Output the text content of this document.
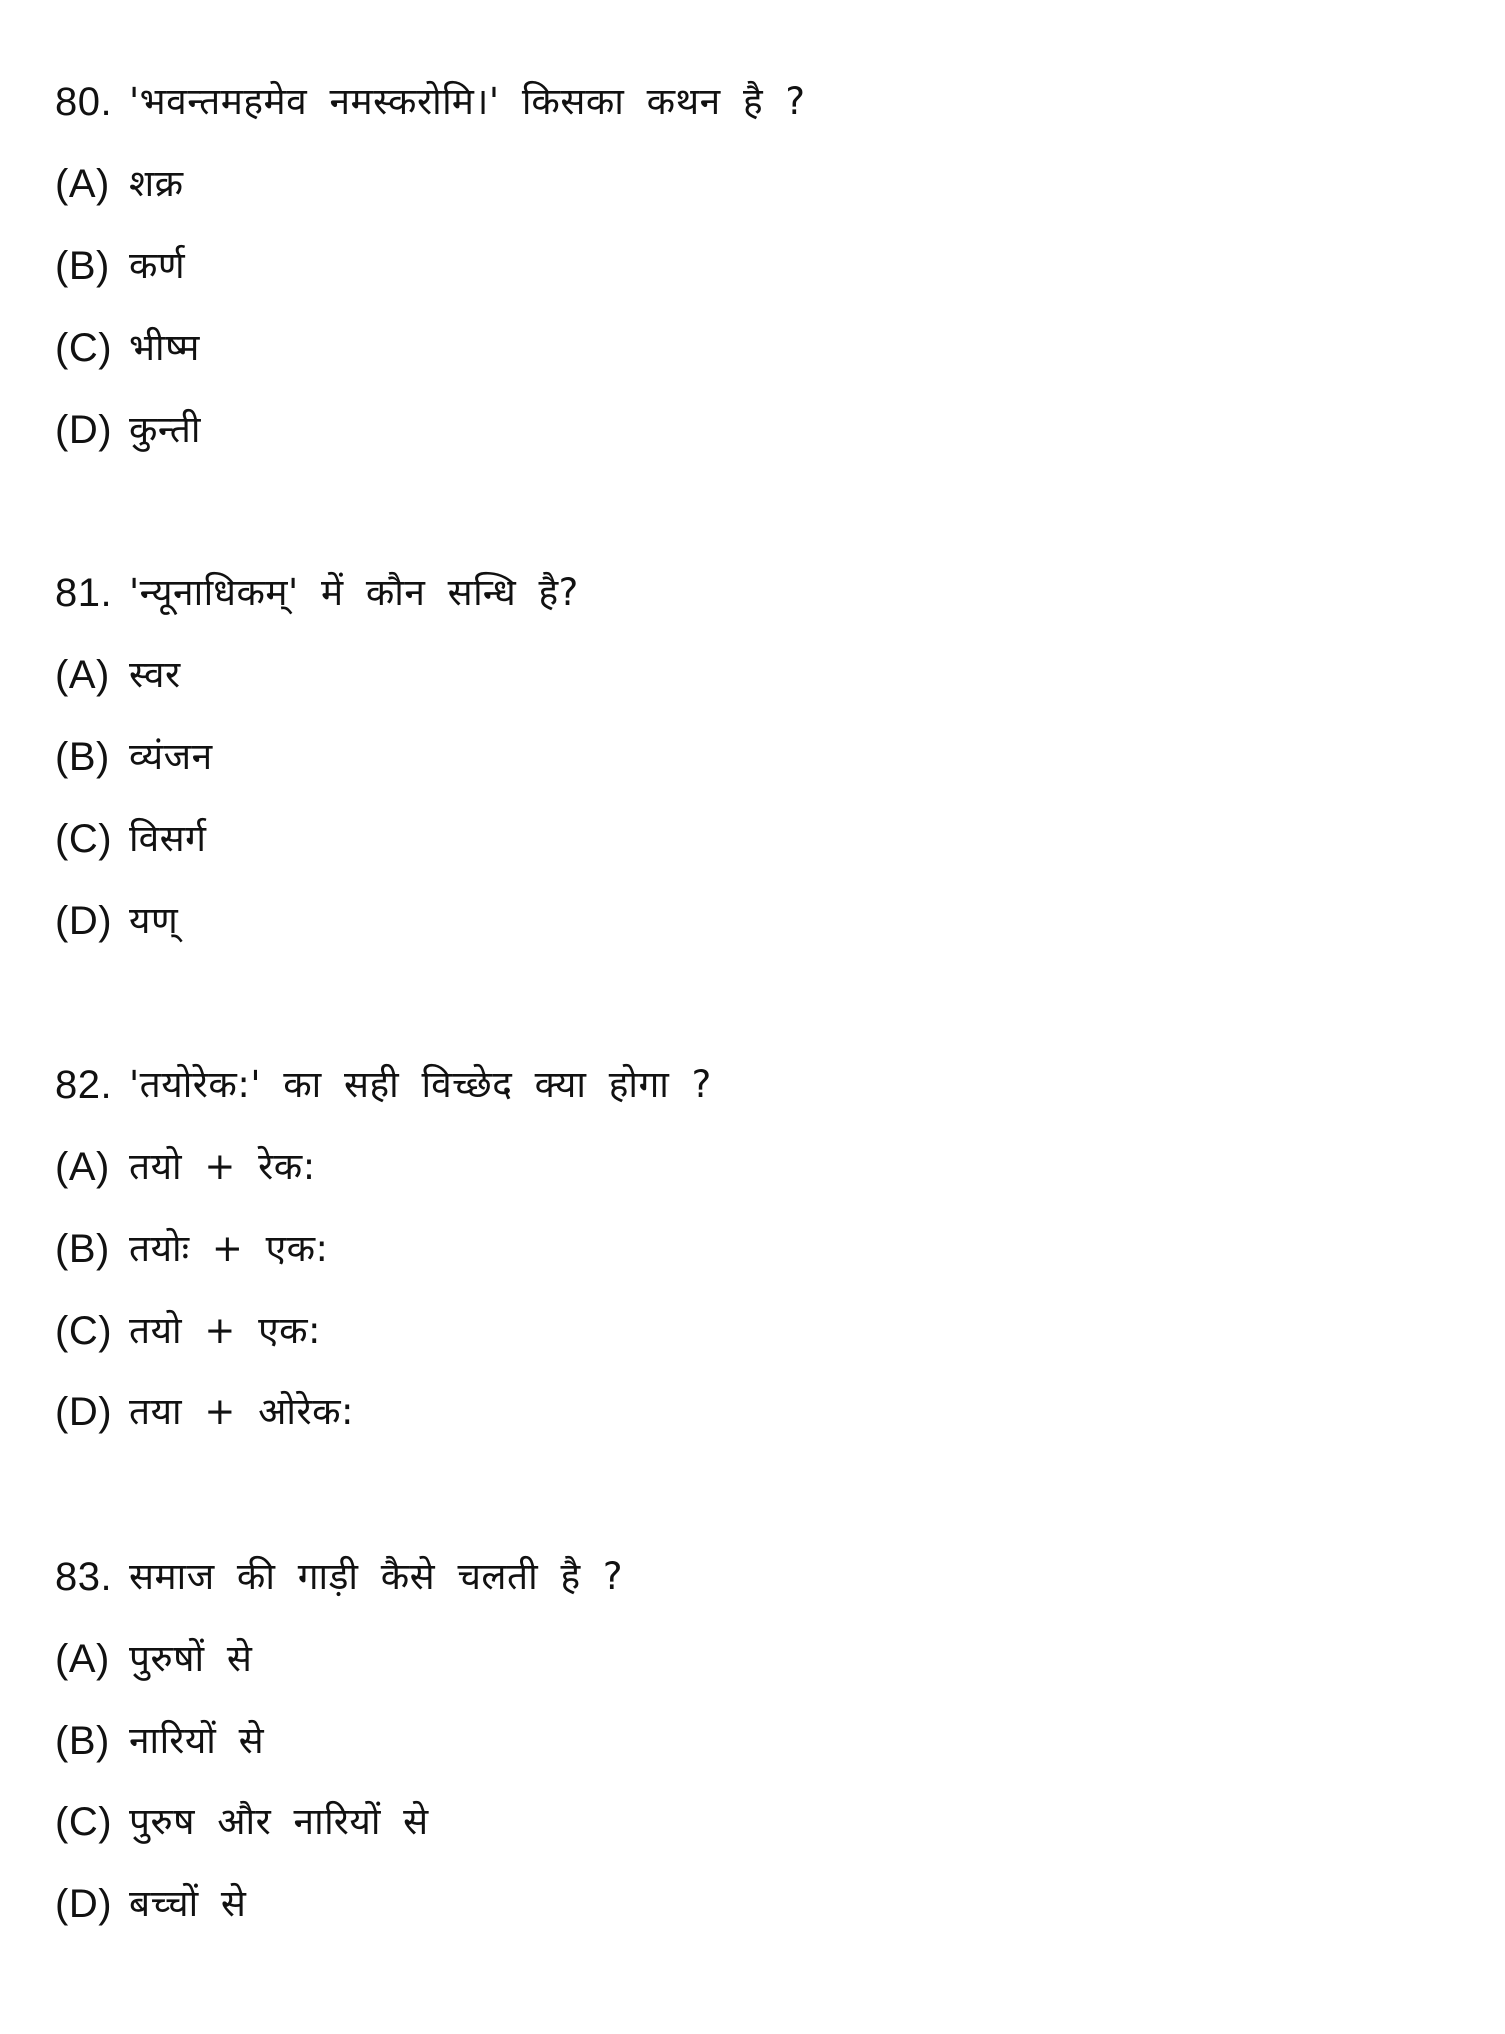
80. 'भवन्तमहमेव नमस्करोमि।' किसका कथन है ?
(A) शक्र
(B) कर्ण
(C) भीष्म
(D) कुन्ती
81. 'न्यूनाधिकम्' में कौन सन्धि है?
(A) स्वर
(B) व्यंजन
(C) विसर्ग
(D) यण्
82. 'तयोरेक:' का सही विच्छेद क्या होगा ?
(A) तयो + रेक:
(B) तयोः + एक:
(C) तयो + एक:
(D) तया + ओरेक:
83. समाज की गाड़ी कैसे चलती है ?
(A) पुरुषों से
(B) नारियों से
(C) पुरुष और नारियों से
(D) बच्चों से
